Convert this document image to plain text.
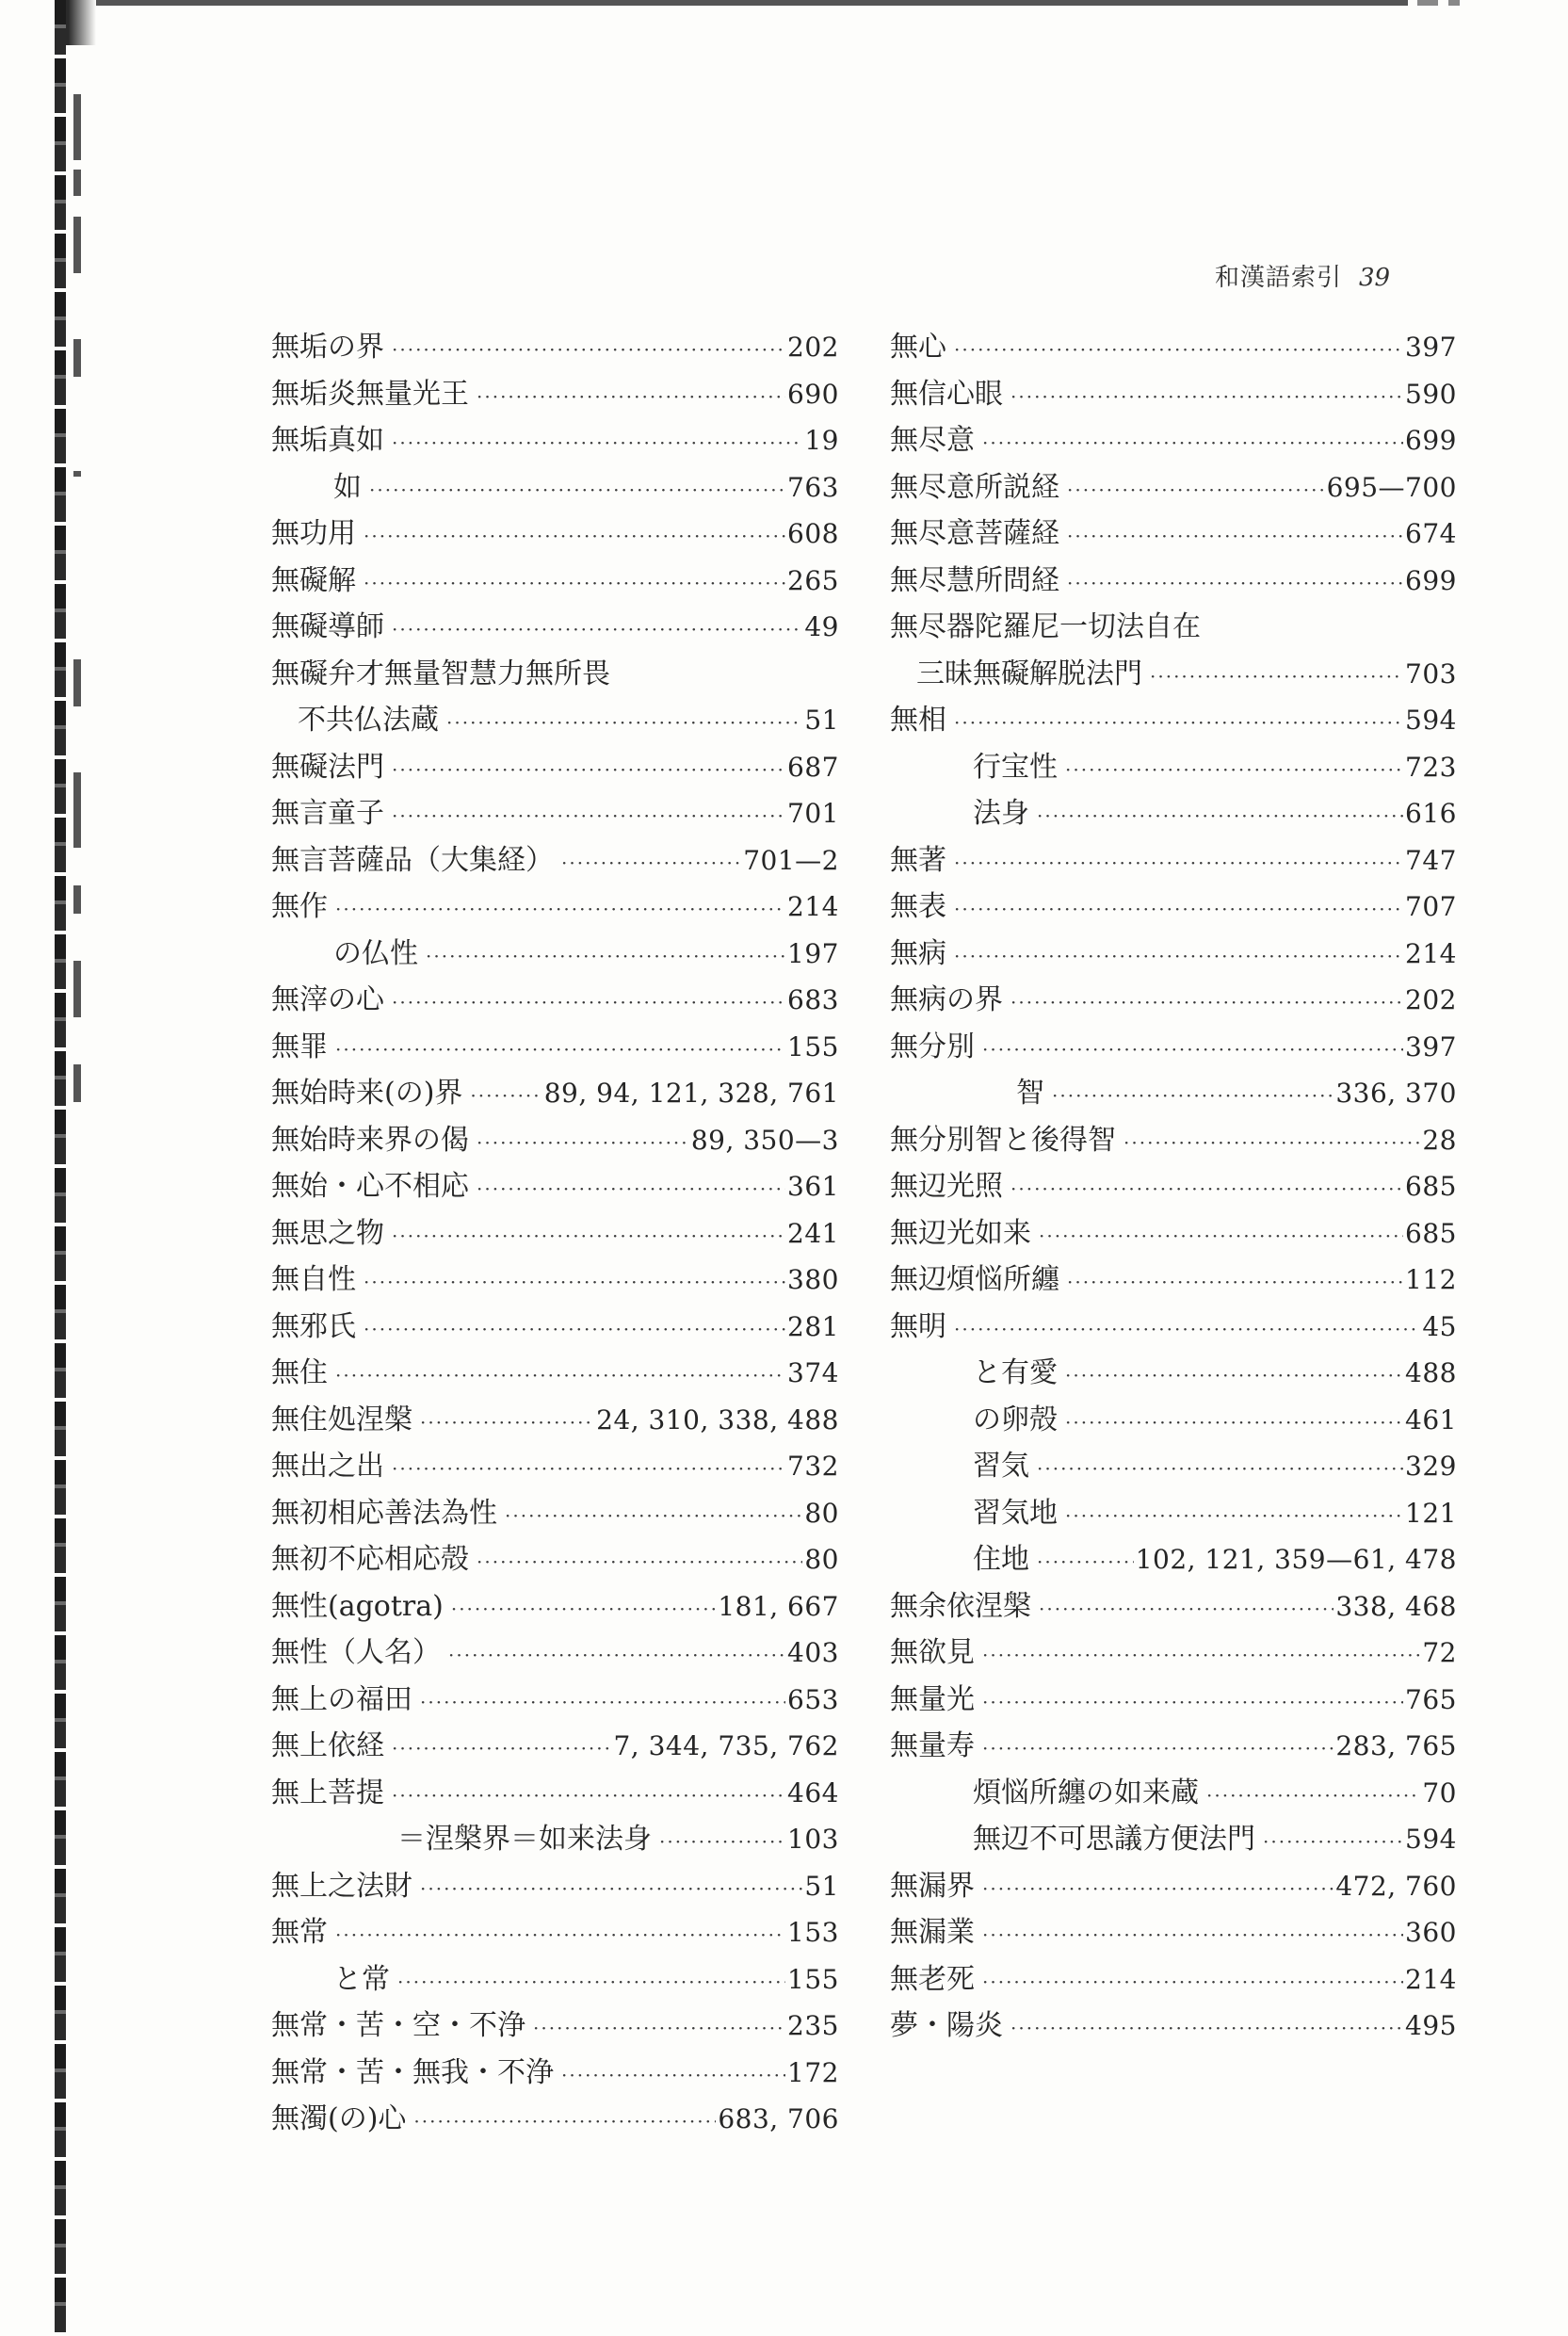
和漢語索引 39
無垢の界 ·····	202
無垢炎無量光王 ·····	690
無垢真如 ·····	19
如 ·····	763
無功用 ·····	608
無礙解 ·····	265
無礙導師 ·····	49
無礙弁才無量智慧力無所畏
不共仏法蔵 ·····	51
無礙法門 ·····	687
無言童子 ·····	701
無言菩薩品（大集経） ·····	701—2
無作 ·····	214
の仏性 ·····	197
無滓の心 ·····	683
無罪 ·····	155
無始時来(の)界 ·····	89, 94, 121, 328, 761
無始時来界の偈 ·····	89, 350—3
無始・心不相応 ·····	361
無思之物 ·····	241
無自性 ·····	380
無邪氏 ·····	281
無住 ·····	374
無住処涅槃 ·····	24, 310, 338, 488
無出之出 ·····	732
無初相応善法為性 ·····	80
無初不応相応殻 ·····	80
無性(agotra) ·····	181, 667
無性（人名） ·····	403
無上の福田 ·····	653
無上依経 ·····	7, 344, 735, 762
無上菩提 ·····	464
＝涅槃界＝如来法身 ·····	103
無上之法財 ·····	51
無常 ·····	153
と常 ·····	155
無常・苦・空・不浄 ·····	235
無常・苦・無我・不浄 ·····	172
無濁(の)心 ·····	683, 706
無心 ·····	397
無信心眼 ·····	590
無尽意 ·····	699
無尽意所説経 ·····	695—700
無尽意菩薩経 ·····	674
無尽慧所問経 ·····	699
無尽器陀羅尼一切法自在
三昧無礙解脱法門 ·····	703
無相 ·····	594
行宝性 ·····	723
法身 ·····	616
無著 ·····	747
無表 ·····	707
無病 ·····	214
無病の界 ·····	202
無分別 ·····	397
智 ·····	336, 370
無分別智と後得智 ·····	28
無辺光照 ·····	685
無辺光如来 ·····	685
無辺煩悩所纏 ·····	112
無明 ·····	45
と有愛 ·····	488
の卵殻 ·····	461
習気 ·····	329
習気地 ·····	121
住地 ·····	102, 121, 359—61, 478
無余依涅槃 ·····	338, 468
無欲見 ·····	72
無量光 ·····	765
無量寿 ·····	283, 765
煩悩所纏の如来蔵 ·····	70
無辺不可思議方便法門 ·····	594
無漏界 ·····	472, 760
無漏業 ·····	360
無老死 ·····	214
夢・陽炎 ·····	495
